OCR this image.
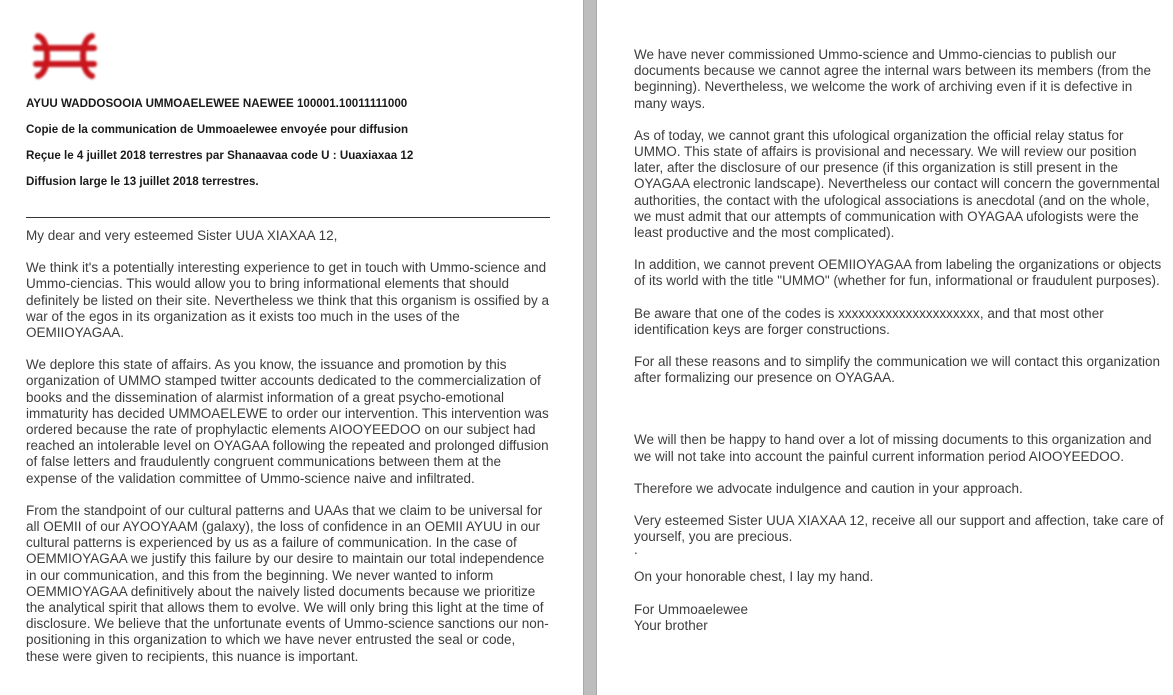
AYUU WADDOSOOIA UMMOAELEWEE NAEWEE 100001.10011111000
Copie de la communication de Ummoaelewee envoyée pour diffusion
Reçue le 4 juillet 2018 terrestres par Shanaavaa code U : Uuaxiaxaa 12
Diffusion large le 13 juillet 2018 terrestres.

My dear and very esteemed Sister UUA XIAXAA 12,

We think it's a potentially interesting experience to get in touch with Ummo-science and Ummo-ciencias. This would allow you to bring informational elements that should definitely be listed on their site. Nevertheless we think that this organism is ossified by a war of the egos in its organization as it exists too much in the uses of the OEMIIOYAGAA.

We deplore this state of affairs. As you know, the issuance and promotion by this organization of UMMO stamped twitter accounts dedicated to the commercialization of books and the dissemination of alarmist information of a great psycho-emotional immaturity has decided UMMOAELEWE to order our intervention. This intervention was ordered because the rate of prophylactic elements AIOOYEEDOO on our subject had reached an intolerable level on OYAGAA following the repeated and prolonged diffusion of false letters and fraudulently congruent communications between them at the expense of the validation committee of Ummo-science naive and infiltrated.

From the standpoint of our cultural patterns and UAAs that we claim to be universal for all OEMII of our AYOOYAAM (galaxy), the loss of confidence in an OEMII AYUU in our cultural patterns is experienced by us as a failure of communication. In the case of OEMMIOYAGAA we justify this failure by our desire to maintain our total independence in our communication, and this from the beginning. We never wanted to inform OEMMIOYAGAA definitively about the naively listed documents because we prioritize the analytical spirit that allows them to evolve. We will only bring this light at the time of disclosure. We believe that the unfortunate events of Ummo-science sanctions our non-positioning in this organization to which we have never entrusted the seal or code, these were given to recipients, this nuance is important.

We have never commissioned Ummo-science and Ummo-ciencias to publish our documents because we cannot agree the internal wars between its members (from the beginning). Nevertheless, we welcome the work of archiving even if it is defective in many ways.

As of today, we cannot grant this ufological organization the official relay status for UMMO. This state of affairs is provisional and necessary. We will review our position later, after the disclosure of our presence (if this organization is still present in the OYAGAA electronic landscape). Nevertheless our contact will concern the governmental authorities, the contact with the ufological associations is anecdotal (and on the whole, we must admit that our attempts of communication with OYAGAA ufologists were the least productive and the most complicated).

In addition, we cannot prevent OEMIIOYAGAA from labeling the organizations or objects of its world with the title "UMMO" (whether for fun, informational or fraudulent purposes).

Be aware that one of the codes is xxxxxxxxxxxxxxxxxxxxx, and that most other identification keys are forger constructions.

For all these reasons and to simplify the communication we will contact this organization after formalizing our presence on OYAGAA.

We will then be happy to hand over a lot of missing documents to this organization and we will not take into account the painful current information period AIOOYEEDOO.

Therefore we advocate indulgence and caution in your approach.

Very esteemed Sister UUA XIAXAA 12, receive all our support and affection, take care of yourself, you are precious.

.

On your honorable chest, I lay my hand.

For Ummoaelewee

Your brother
